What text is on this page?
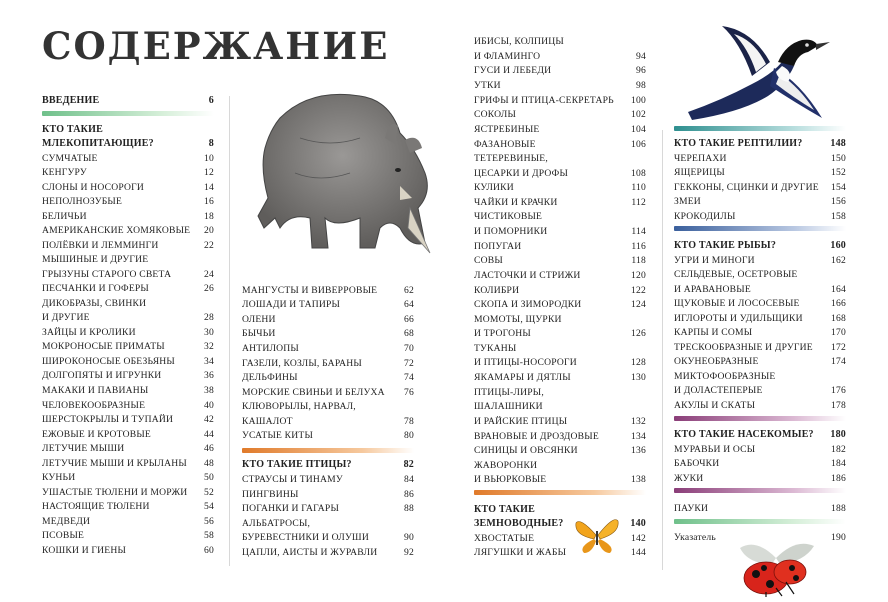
СОДЕРЖАНИЕ
ВВЕДЕНИЕ	6
КТО ТАКИЕ
МЛЕКОПИТАЮЩИЕ?	8
СУМЧАТЫЕ	10
КЕНГУРУ	12
СЛОНЫ И НОСОРОГИ	14
НЕПОЛНОЗУБЫЕ	16
БЕЛИЧЬИ	18
АМЕРИКАНСКИЕ ХОМЯКОВЫЕ 20
ПОЛЁВКИ И ЛЕММИНГИ	22
МЫШИНЫЕ И ДРУГИЕ
ГРЫЗУНЫ СТАРОГО СВЕТА	24
ПЕСЧАНКИ И ГОФЕРЫ	26
ДИКОБРАЗЫ, СВИНКИ
И ДРУГИЕ	28
ЗАЙЦЫ И КРОЛИКИ	30
МОКРОНОСЫЕ ПРИМАТЫ	32
ШИРОКОНОСЫЕ ОБЕЗЬЯНЫ	34
ДОЛГОПЯТЫ И ИГРУНКИ	36
МАКАКИ И ПАВИАНЫ	38
ЧЕЛОВЕКООБРАЗНЫЕ	40
ШЕРСТОКРЫЛЫ И ТУПАЙИ	42
ЕЖОВЫЕ И КРОТОВЫЕ	44
ЛЕТУЧИЕ МЫШИ	46
ЛЕТУЧИЕ МЫШИ И КРЫЛАНЫ 48
КУНЬИ	50
УШАСТЫЕ ТЮЛЕНИ И МОРЖИ 52
НАСТОЯЩИЕ ТЮЛЕНИ	54
МЕДВЕДИ	56
ПСОВЫЕ	58
КОШКИ И ГИЕНЫ	60
МАНГУСТЫ И ВИВЕРРОВЫЕ	62
ЛОШАДИ И ТАПИРЫ	64
ОЛЕНИ	66
БЫЧЬИ	68
АНТИЛОПЫ	70
ГАЗЕЛИ, КОЗЛЫ, БАРАНЫ	72
ДЕЛЬФИНЫ	74
МОРСКИЕ СВИНЬИ И БЕЛУХА 76
КЛЮВОРЫЛЫ, НАРВАЛ,
КАШАЛОТ	78
УСАТЫЕ КИТЫ	80
КТО ТАКИЕ ПТИЦЫ?	82
СТРАУСЫ И ТИНАМУ	84
ПИНГВИНЫ	86
ПОГАНКИ И ГАГАРЫ	88
АЛЬБАТРОСЫ,
БУРЕВЕСТНИКИ И ОЛУШИ	90
ЦАПЛИ, АИСТЫ И ЖУРАВЛИ	92
ИБИСЫ, КОЛПИЦЫ
И ФЛАМИНГО	94
ГУСИ И ЛЕБЕДИ	96
УТКИ	98
ГРИФЫ И ПТИЦА-СЕКРЕТАРЬ 100
СОКОЛЫ	102
ЯСТРЕБИНЫЕ	104
ФАЗАНОВЫЕ	106
ТЕТЕРЕВИНЫЕ,
ЦЕСАРКИ И ДРОФЫ	108
КУЛИКИ	110
ЧАЙКИ И КРАЧКИ	112
ЧИСТИКОВЫЕ
И ПОМОРНИКИ	114
ПОПУГАИ	116
СОВЫ	118
ЛАСТОЧКИ И СТРИЖИ	120
КОЛИБРИ	122
СКОПА И ЗИМОРОДКИ	124
МОМОТЫ, ЩУРКИ
И ТРОГОНЫ	126
ТУКАНЫ
И ПТИЦЫ-НОСОРОГИ	128
ЯКАМАРЫ И ДЯТЛЫ	130
ПТИЦЫ-ЛИРЫ,
ШАЛАШНИКИ
И РАЙСКИЕ ПТИЦЫ	132
ВРАНОВЫЕ И ДРОЗДОВЫЕ	134
СИНИЦЫ И ОВСЯНКИ	136
ЖАВОРОНКИ
И ВЬЮРКОВЫЕ	138
КТО ТАКИЕ
ЗЕМНОВОДНЫЕ?	140
ХВОСТАТЫЕ	142
ЛЯГУШКИ И ЖАБЫ	144
КТО ТАКИЕ РЕПТИЛИИ?	148
ЧЕРЕПАХИ	150
ЯЩЕРИЦЫ	152
ГЕККОНЫ, СЦИНКИ И ДРУГИЕ 154
ЗМЕИ	156
КРОКОДИЛЫ	158
КТО ТАКИЕ РЫБЫ?	160
УГРИ И МИНОГИ	162
СЕЛЬДЕВЫЕ, ОСЕТРОВЫЕ
И АРАВАНОВЫЕ	164
ЩУКОВЫЕ И ЛОСОСЕВЫЕ	166
ИГЛОРОТЫ И УДИЛЬЩИКИ	168
КАРПЫ И СОМЫ	170
ТРЕСКООБРАЗНЫЕ И ДРУГИЕ 172
ОКУНЕОБРАЗНЫЕ	174
МИКТОФООБРАЗНЫЕ
И ДОЛАСТЕПЕРЫЕ	176
АКУЛЫ И СКАТЫ	178
КТО ТАКИЕ НАСЕКОМЫЕ? 180
МУРАВЬИ И ОСЫ	182
БАБОЧКИ	184
ЖУКИ	186
ПАУКИ	188
Указатель	190
